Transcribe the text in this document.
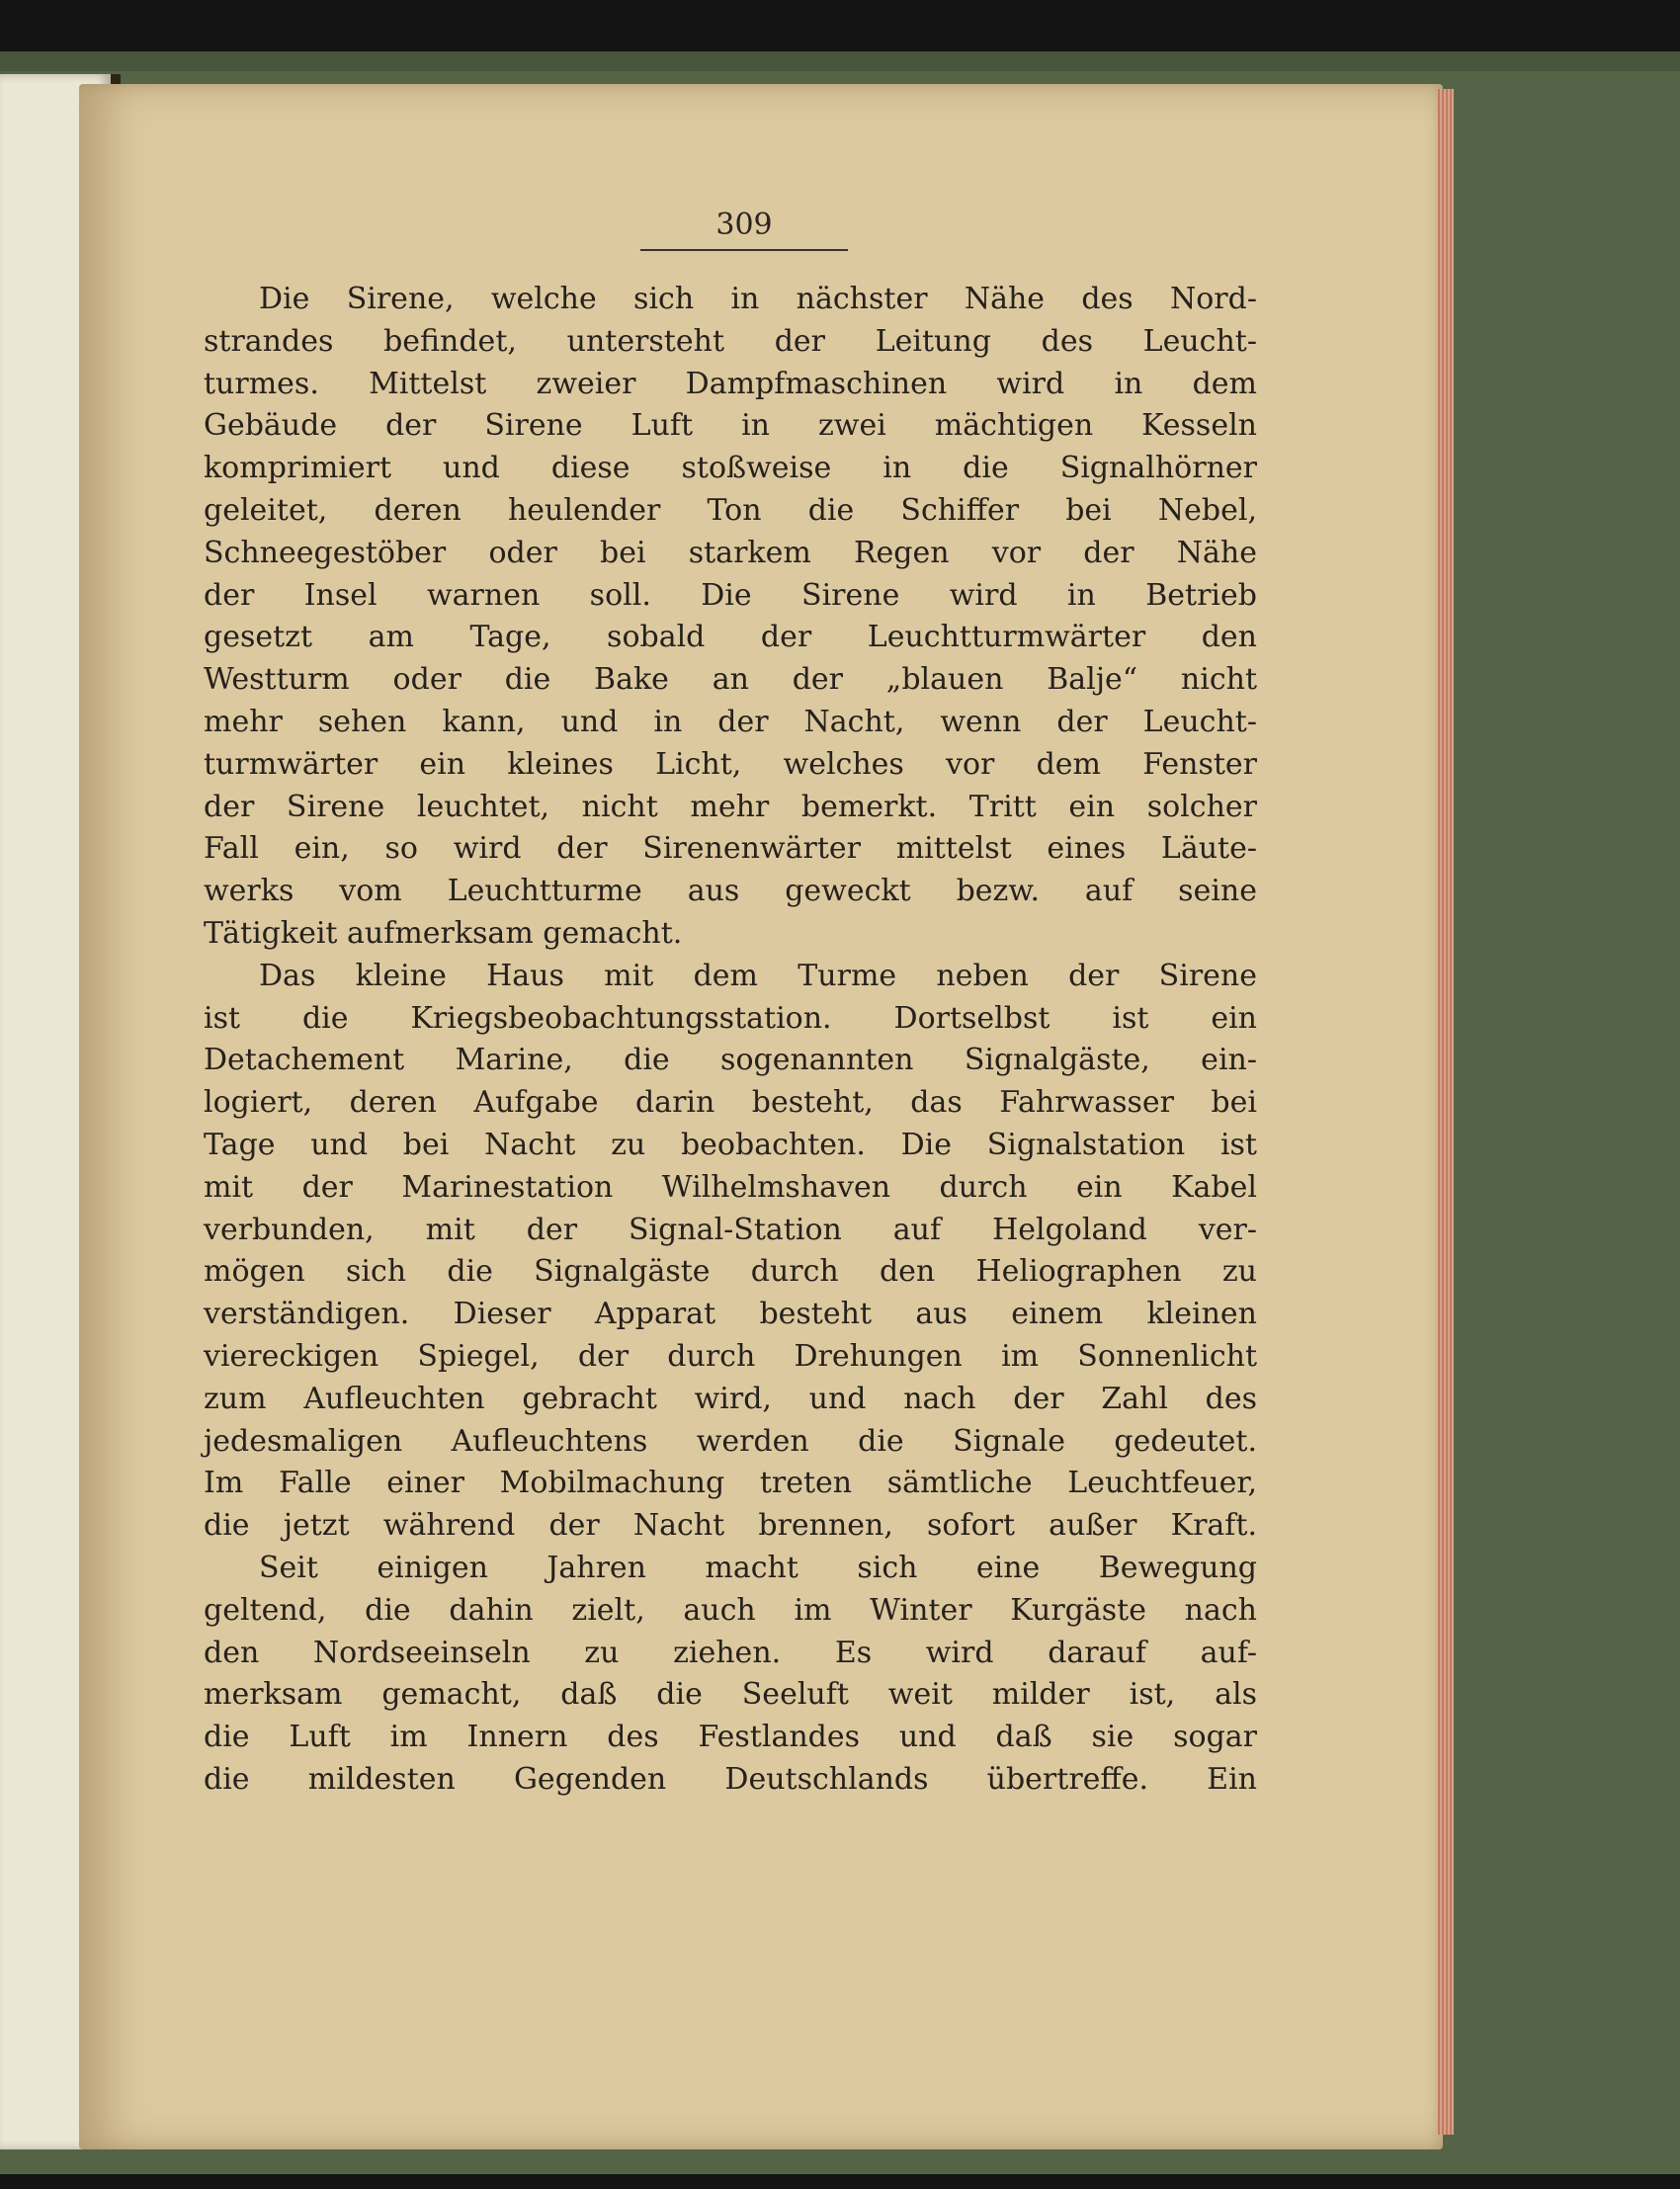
309
Die Sirene, welche sich in nächster Nähe des Nord-
strandes befindet, untersteht der Leitung des Leucht-
turmes. Mittelst zweier Dampfmaschinen wird in dem
Gebäude der Sirene Luft in zwei mächtigen Kesseln
komprimiert und diese stoßweise in die Signalhörner
geleitet, deren heulender Ton die Schiffer bei Nebel,
Schneegestöber oder bei starkem Regen vor der Nähe
der Insel warnen soll. Die Sirene wird in Betrieb
gesetzt am Tage, sobald der Leuchtturmwärter den
Westturm oder die Bake an der „blauen Balje“ nicht
mehr sehen kann, und in der Nacht, wenn der Leucht-
turmwärter ein kleines Licht, welches vor dem Fenster
der Sirene leuchtet, nicht mehr bemerkt. Tritt ein solcher
Fall ein, so wird der Sirenenwärter mittelst eines Läute-
werks vom Leuchtturme aus geweckt bezw. auf seine
Tätigkeit aufmerksam gemacht.
Das kleine Haus mit dem Turme neben der Sirene
ist die Kriegsbeobachtungsstation. Dortselbst ist ein
Detachement Marine, die sogenannten Signalgäste, ein-
logiert, deren Aufgabe darin besteht, das Fahrwasser bei
Tage und bei Nacht zu beobachten. Die Signalstation ist
mit der Marinestation Wilhelmshaven durch ein Kabel
verbunden, mit der Signal-Station auf Helgoland ver-
mögen sich die Signalgäste durch den Heliographen zu
verständigen. Dieser Apparat besteht aus einem kleinen
viereckigen Spiegel, der durch Drehungen im Sonnenlicht
zum Aufleuchten gebracht wird, und nach der Zahl des
jedesmaligen Aufleuchtens werden die Signale gedeutet.
Im Falle einer Mobilmachung treten sämtliche Leuchtfeuer,
die jetzt während der Nacht brennen, sofort außer Kraft.
Seit einigen Jahren macht sich eine Bewegung
geltend, die dahin zielt, auch im Winter Kurgäste nach
den Nordseeinseln zu ziehen. Es wird darauf auf-
merksam gemacht, daß die Seeluft weit milder ist, als
die Luft im Innern des Festlandes und daß sie sogar
die mildesten Gegenden Deutschlands übertreffe. Ein
